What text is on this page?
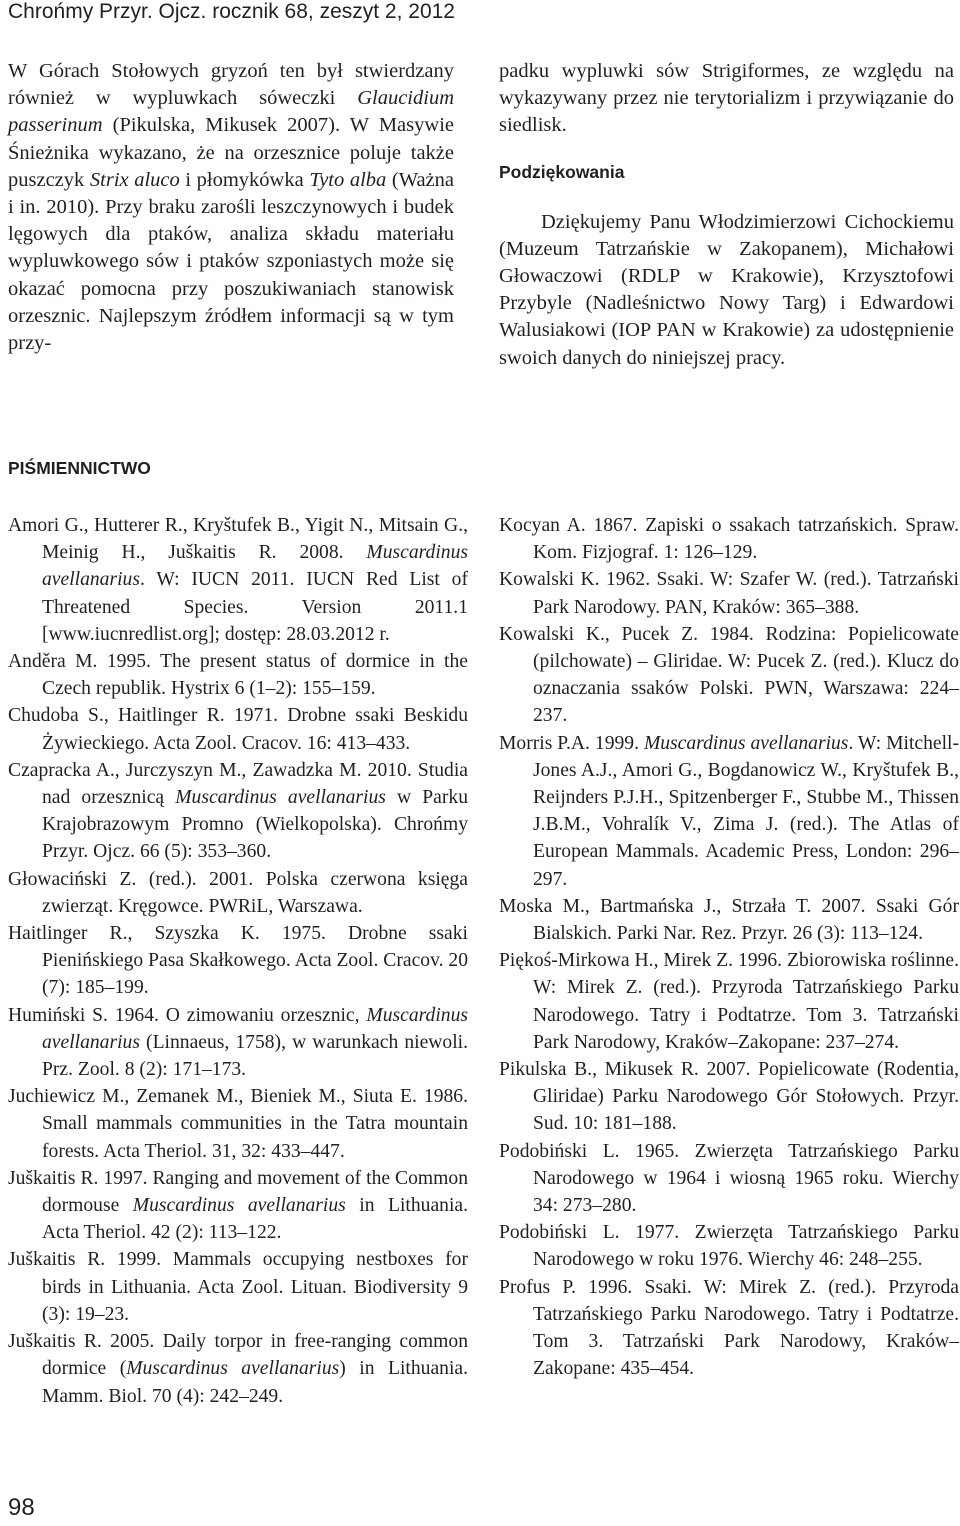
Chrońmy Przyr. Ojcz. rocznik 68, zeszyt 2, 2012

W Górach Stołowych gryzoń ten był stwierdzany również w wypluwkach sóweczki Glaucidium passerinum (Pikulska, Mikusek 2007). W Masywie Śnieżnika wykazano, że na orzesznice poluje także puszczyk Strix aluco i płomykówka Tyto alba (Ważna i in. 2010). Przy braku zarośli leszczynowych i budek lęgowych dla ptaków, analiza składu materiału wypluwkowego sów i ptaków szponiastych może się okazać pomocna przy poszukiwaniach stanowisk orzesznic. Najlepszym źródłem informacji są w tym przy-

padku wypluwki sów Strigiformes, ze względu na wykazywany przez nie terytorializm i przywiązanie do siedlisk.

Podziękowania

Dziękujemy Panu Włodzimierzowi Cichockiemu (Muzeum Tatrzańskie w Zakopanem), Michałowi Głowaczowi (RDLP w Krakowie), Krzysztofowi Przybyle (Nadleśnictwo Nowy Targ) i Edwardowi Walusiakowi (IOP PAN w Krakowie) za udostępnienie swoich danych do niniejszej pracy.

PIŚMIENNICTWO

Amori G., Hutterer R., Kryštufek B., Yigit N., Mitsain G., Meinig H., Juškaitis R. 2008. Muscardinus avellanarius. W: IUCN 2011. IUCN Red List of Threatened Species. Version 2011.1 [www.iucnredlist.org]; dostęp: 28.03.2012 r.

Anděra M. 1995. The present status of dormice in the Czech republik. Hystrix 6 (1‒2): 155‒159.

Chudoba S., Haitlinger R. 1971. Drobne ssaki Beskidu Żywieckiego. Acta Zool. Cracov. 16: 413‒433.

Czapracka A., Jurczyszyn M., Zawadzka M. 2010. Studia nad orzesznicą Muscardinus avellanarius w Parku Krajobrazowym Promno (Wielkopolska). Chrońmy Przyr. Ojcz. 66 (5): 353‒360.

Głowaciński Z. (red.). 2001. Polska czerwona księga zwierząt. Kręgowce. PWRiL, Warszawa.

Haitlinger R., Szyszka K. 1975. Drobne ssaki Pienińskiego Pasa Skałkowego. Acta Zool. Cracov. 20 (7): 185‒199.

Humiński S. 1964. O zimowaniu orzesznic, Muscardinus avellanarius (Linnaeus, 1758), w warunkach niewoli. Prz. Zool. 8 (2): 171‒173.

Juchiewicz M., Zemanek M., Bieniek M., Siuta E. 1986. Small mammals communities in the Tatra mountain forests. Acta Theriol. 31, 32: 433‒447.

Juškaitis R. 1997. Ranging and movement of the Common dormouse Muscardinus avellanarius in Lithuania. Acta Theriol. 42 (2): 113‒122.

Juškaitis R. 1999. Mammals occupying nestboxes for birds in Lithuania. Acta Zool. Lituan. Biodiversity 9 (3): 19‒23.

Juškaitis R. 2005. Daily torpor in free-ranging common dormice (Muscardinus avellanarius) in Lithuania. Mamm. Biol. 70 (4): 242‒249.

Kocyan A. 1867. Zapiski o ssakach tatrzańskich. Spraw. Kom. Fizjograf. 1: 126‒129.

Kowalski K. 1962. Ssaki. W: Szafer W. (red.). Tatrzański Park Narodowy. PAN, Kraków: 365‒388.

Kowalski K., Pucek Z. 1984. Rodzina: Popielicowate (pilchowate) ‒ Gliridae. W: Pucek Z. (red.). Klucz do oznaczania ssaków Polski. PWN, Warszawa: 224‒237.

Morris P.A. 1999. Muscardinus avellanarius. W: Mitchell-Jones A.J., Amori G., Bogdanowicz W., Kryštufek B., Reijnders P.J.H., Spitzenberger F., Stubbe M., Thissen J.B.M., Vohralík V., Zima J. (red.). The Atlas of European Mammals. Academic Press, London: 296‒297.

Moska M., Bartmańska J., Strzała T. 2007. Ssaki Gór Bialskich. Parki Nar. Rez. Przyr. 26 (3): 113‒124.

Piękoś-Mirkowa H., Mirek Z. 1996. Zbiorowiska roślinne. W: Mirek Z. (red.). Przyroda Tatrzańskiego Parku Narodowego. Tatry i Podtatrze. Tom 3. Tatrzański Park Narodowy, Kraków‒Zakopane: 237‒274.

Pikulska B., Mikusek R. 2007. Popielicowate (Rodentia, Gliridae) Parku Narodowego Gór Stołowych. Przyr. Sud. 10: 181‒188.

Podobiński L. 1965. Zwierzęta Tatrzańskiego Parku Narodowego w 1964 i wiosną 1965 roku. Wierchy 34: 273‒280.

Podobiński L. 1977. Zwierzęta Tatrzańskiego Parku Narodowego w roku 1976. Wierchy 46: 248‒255.

Profus P. 1996. Ssaki. W: Mirek Z. (red.). Przyroda Tatrzańskiego Parku Narodowego. Tatry i Podtatrze. Tom 3. Tatrzański Park Narodowy, Kraków‒Zakopane: 435‒454.

98
